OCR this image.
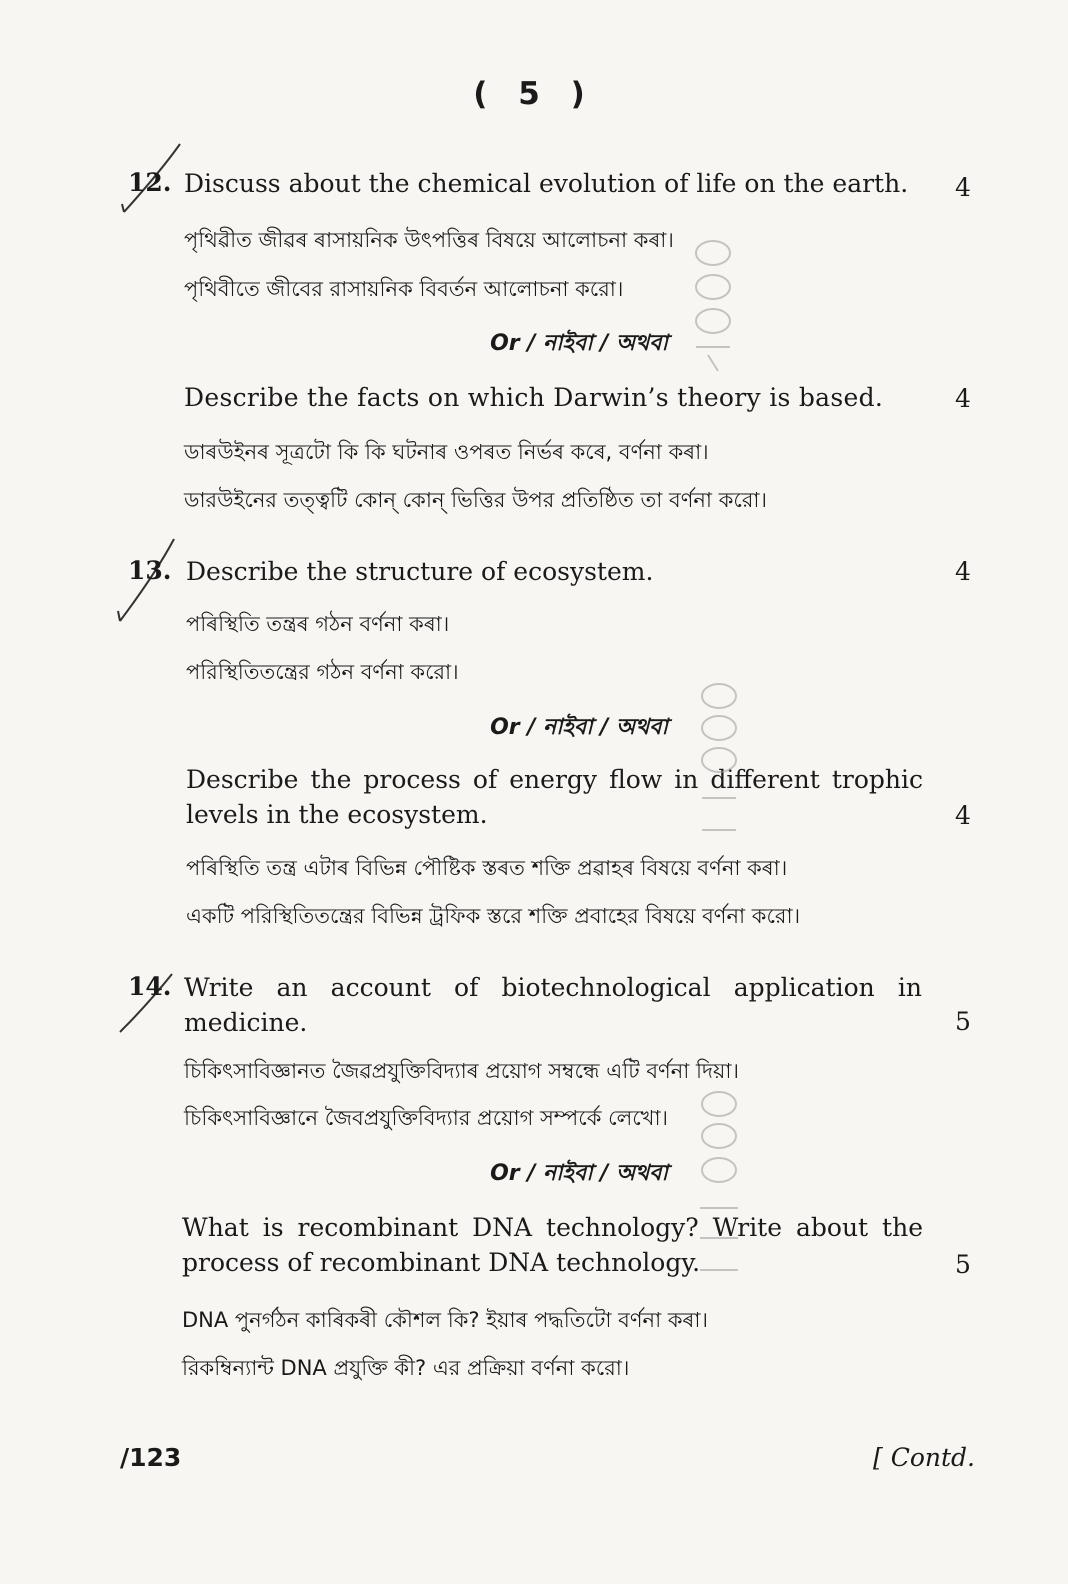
( 5 )
12. Discuss about the chemical evolution of life on the earth. 4

পৃথিৱীত জীৱৰ ৰাসায়নিক উৎপত্তিৰ বিষয়ে আলোচনা কৰা।

পৃথিবীতে জীবের রাসায়নিক বিবর্তন আলোচনা করো।

Or / নাইবা / অথবা

Describe the facts on which Darwin’s theory is based.	4

ডাৰউইনৰ সূত্ৰটো কি কি ঘটনাৰ ওপৰত নিৰ্ভৰ কৰে, বৰ্ণনা কৰা।

ডারউইনের তত্ত্বটি কোন্ কোন্ ভিত্তির উপর প্রতিষ্ঠিত তা বর্ণনা করো।

13. Describe the structure of ecosystem.	4

পৰিস্থিতি তন্ত্ৰৰ গঠন বৰ্ণনা কৰা।

পরিস্থিতিতন্ত্রের গঠন বর্ণনা করো।

Or / নাইবা / অথবা

Describe the process of energy flow in different trophic levels in the ecosystem.	4

পৰিস্থিতি তন্ত্ৰ এটাৰ বিভিন্ন পৌষ্টিক স্তৰত শক্তি প্ৰৱাহৰ বিষয়ে বৰ্ণনা কৰা।

একটি পরিস্থিতিতন্ত্রের বিভিন্ন ট্রফিক স্তরে শক্তি প্রবাহের বিষয়ে বর্ণনা করো।

14. Write an account of biotechnological application in medicine.	5

চিকিৎসাবিজ্ঞানত জৈৱপ্ৰযুক্তিবিদ্যাৰ প্ৰয়োগ সম্বন্ধে এটি বৰ্ণনা দিয়া।

চিকিৎসাবিজ্ঞানে জৈবপ্রযুক্তিবিদ্যার প্রয়োগ সম্পর্কে লেখো।

Or / নাইবা / অথবা

What is recombinant DNA technology? Write about the process of recombinant DNA technology.	5

DNA পুনৰ্গঠন কাৰিকৰী কৌশল কি? ইয়াৰ পদ্ধতিটো বৰ্ণনা কৰা।

রিকম্বিন্যান্ট DNA প্রযুক্তি কী? এর প্রক্রিয়া বর্ণনা করো।

/123	[ Contd.
